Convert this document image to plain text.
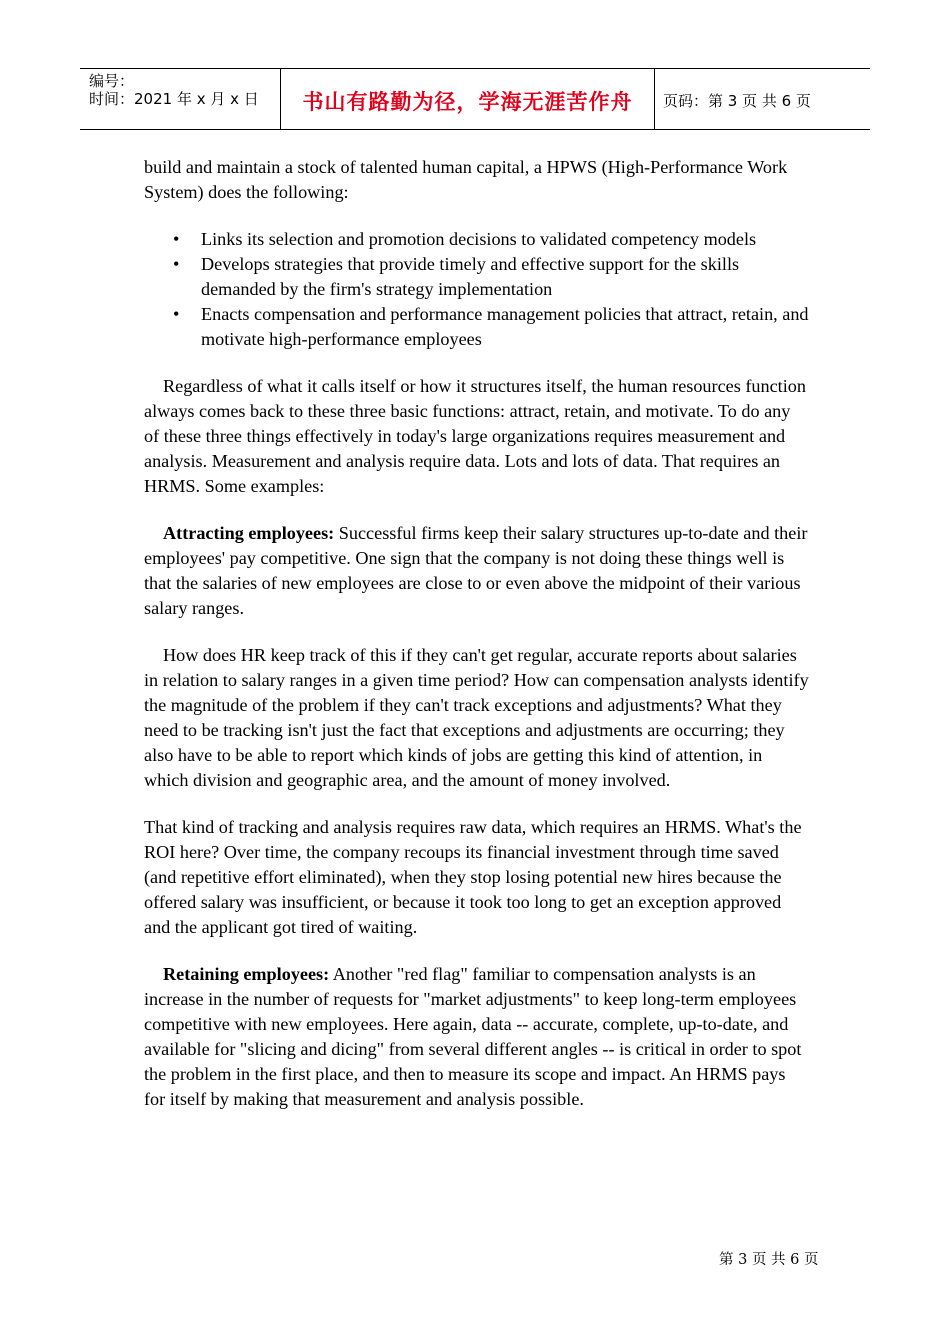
编号：
时间：2021 年 x 月 x 日	书山有路勤为径，学海无涯苦作舟	页码：第 3 页 共 6 页

build and maintain a stock of talented human capital, a HPWS (High-Performance Work System) does the following:

• Links its selection and promotion decisions to validated competency models
• Develops strategies that provide timely and effective support for the skills demanded by the firm's strategy implementation
• Enacts compensation and performance management policies that attract, retain, and motivate high-performance employees

Regardless of what it calls itself or how it structures itself, the human resources function always comes back to these three basic functions: attract, retain, and motivate. To do any of these three things effectively in today's large organizations requires measurement and analysis. Measurement and analysis require data. Lots and lots of data. That requires an HRMS. Some examples:

Attracting employees: Successful firms keep their salary structures up-to-date and their employees' pay competitive. One sign that the company is not doing these things well is that the salaries of new employees are close to or even above the midpoint of their various salary ranges.

How does HR keep track of this if they can't get regular, accurate reports about salaries in relation to salary ranges in a given time period? How can compensation analysts identify the magnitude of the problem if they can't track exceptions and adjustments? What they need to be tracking isn't just the fact that exceptions and adjustments are occurring; they also have to be able to report which kinds of jobs are getting this kind of attention, in which division and geographic area, and the amount of money involved.

That kind of tracking and analysis requires raw data, which requires an HRMS. What's the ROI here? Over time, the company recoups its financial investment through time saved (and repetitive effort eliminated), when they stop losing potential new hires because the offered salary was insufficient, or because it took too long to get an exception approved and the applicant got tired of waiting.

Retaining employees: Another "red flag" familiar to compensation analysts is an increase in the number of requests for "market adjustments" to keep long-term employees competitive with new employees. Here again, data -- accurate, complete, up-to-date, and available for "slicing and dicing" from several different angles -- is critical in order to spot the problem in the first place, and then to measure its scope and impact. An HRMS pays for itself by making that measurement and analysis possible.

第 3 页 共 6 页
